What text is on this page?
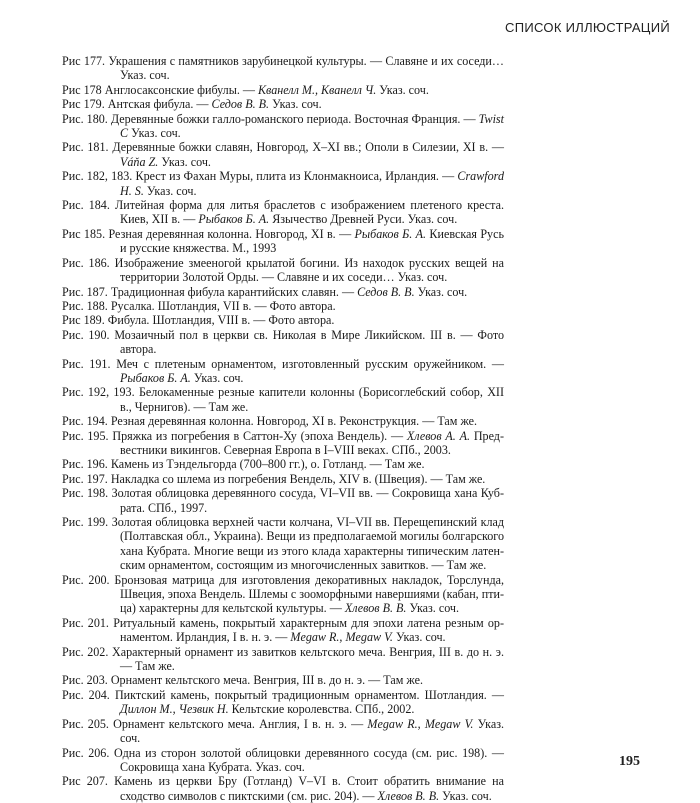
СПИСОК ИЛЛЮСТРАЦИЙ
Рис 177. Украшения с памятников зарубинецкой культуры. — Славяне и их соседи… Указ. соч.
Рис 178 Англосаксонские фибулы. — Кванелл М., Кванелл Ч. Указ. соч.
Рис 179. Антская фибула. — Седов В. В. Указ. соч.
Рис. 180. Деревянные божки галло-романского периода. Восточная Франция. — Twist C Указ. соч.
Рис. 181. Деревянные божки славян, Новгород, X–XI вв.; Ополи в Силезии, XI в. — Váňa Z. Указ. соч.
Рис. 182, 183. Крест из Фахан Муры, плита из Клонмакноиса, Ирландия. — Crawford H. S. Указ. соч.
Рис. 184. Литейная форма для литья браслетов с изображением плетеного креста. Киев, XII в. — Рыбаков Б. А. Язычество Древней Руси. Указ. соч.
Рис 185. Резная деревянная колонна. Новгород, XI в. — Рыбаков Б. А. Киевская Русь и русские княжества. М., 1993
Рис. 186. Изображение змееногой крылатой богини. Из находок русских вещей на территории Золотой Орды. — Славяне и их соседи… Указ. соч.
Рис. 187. Традиционная фибула карантийских славян. — Седов В. В. Указ. соч.
Рис. 188. Русалка. Шотландия, VII в. — Фото автора.
Рис 189. Фибула. Шотландия, VIII в. — Фото автора.
Рис. 190. Мозаичный пол в церкви св. Николая в Мире Ликийском. III в. — Фото автора.
Рис. 191. Меч с плетеным орнаментом, изготовленный русским оружейником. — Рыбаков Б. А. Указ. соч.
Рис. 192, 193. Белокаменные резные капители колонны (Борисоглебский собор, XII в., Чернигов). — Там же.
Рис. 194. Резная деревянная колонна. Новгород, XI в. Реконструкция. — Там же.
Рис. 195. Пряжка из погребения в Саттон-Ху (эпоха Вендель). — Хлевов А. А. Предвестники викингов. Северная Европа в I–VIII веках. СПб., 2003.
Рис. 196. Камень из Тэндельгорда (700–800 гг.), о. Готланд. — Там же.
Рис. 197. Накладка со шлема из погребения Вендель, XIV в. (Швеция). — Там же.
Рис. 198. Золотая облицовка деревянного сосуда, VI–VII вв. — Сокровища хана Кубрата. СПб., 1997.
Рис. 199. Золотая облицовка верхней части колчана, VI–VII вв. Перещепинский клад (Полтавская обл., Украина). Вещи из предполагаемой могилы болгарского хана Кубрата. Многие вещи из этого клада характерны типическим латенским орнаментом, состоящим из многочисленных завитков. — Там же.
Рис. 200. Бронзовая матрица для изготовления декоративных накладок, Торслунда, Швеция, эпоха Вендель. Шлемы с зооморфными навершиями (кабан, птица) характерны для кельтской культуры. — Хлевов В. В. Указ. соч.
Рис. 201. Ритуальный камень, покрытый характерным для эпохи латена резным орнаментом. Ирландия, I в. н. э. — Megaw R., Megaw V. Указ. соч.
Рис. 202. Характерный орнамент из завитков кельтского меча. Венгрия, III в. до н. э. — Там же.
Рис. 203. Орнамент кельтского меча. Венгрия, III в. до н. э. — Там же.
Рис. 204. Пиктский камень, покрытый традиционным орнаментом. Шотландия. — Диллон М., Чезвик Н. Кельтские королевства. СПб., 2002.
Рис. 205. Орнамент кельтского меча. Англия, I в. н. э. — Megaw R., Megaw V. Указ. соч.
Рис. 206. Одна из сторон золотой облицовки деревянного сосуда (см. рис. 198). — Сокровища хана Кубрата. Указ. соч.
Рис 207. Камень из церкви Бру (Готланд) V–VI в. Стоит обратить внимание на сходство символов с пиктскими (см. рис. 204). — Хлевов В. В. Указ. соч.
195
